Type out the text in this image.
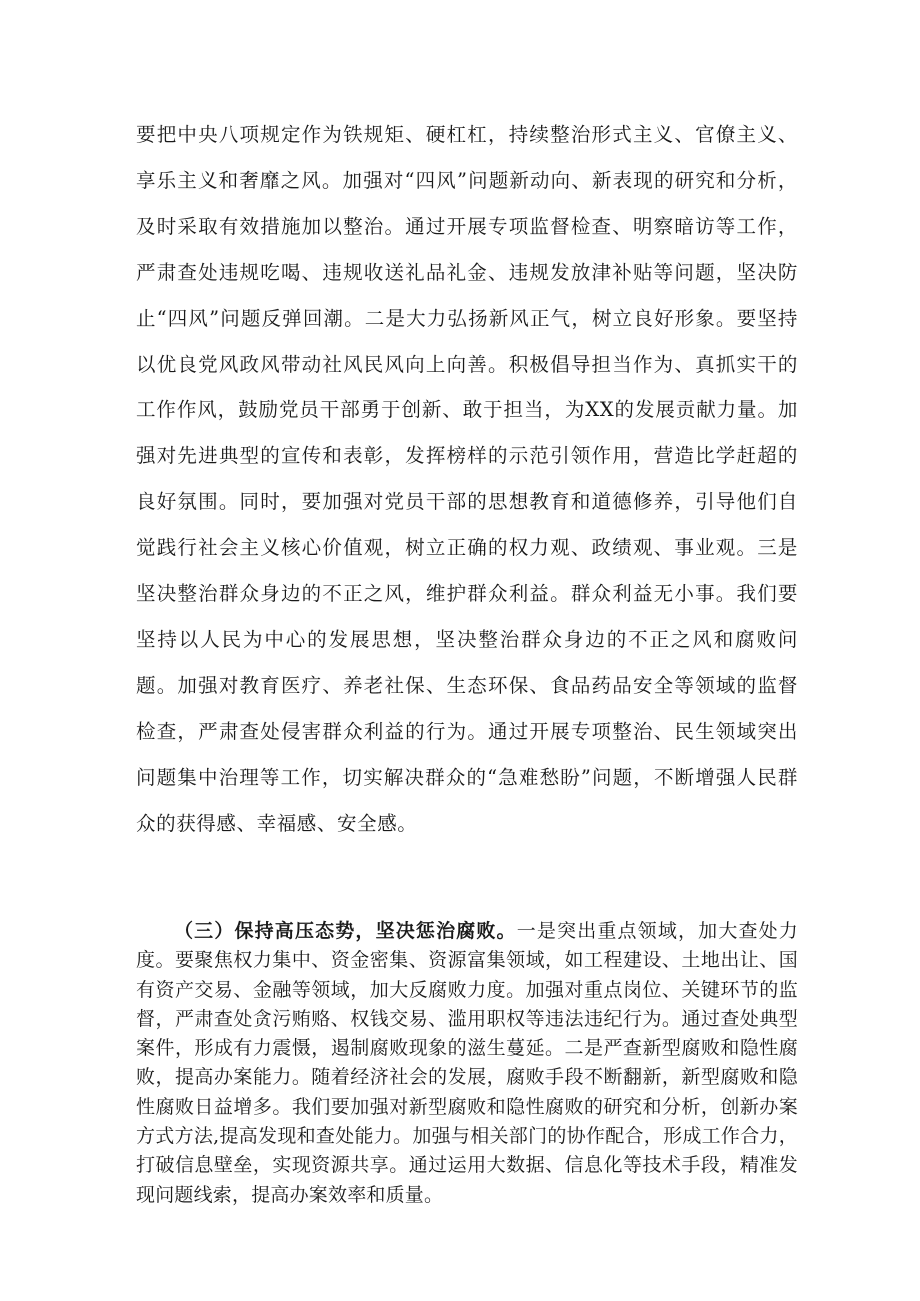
要把中央八项规定作为铁规矩、硬杠杠，持续整治形式主义、官僚主义、享乐主义和奢靡之风。加强对“四风”问题新动向、新表现的研究和分析，及时采取有效措施加以整治。通过开展专项监督检查、明察暗访等工作，严肃查处违规吃喝、违规收送礼品礼金、违规发放津补贴等问题，坚决防止“四风”问题反弹回潮。二是大力弘扬新风正气，树立良好形象。要坚持以优良党风政风带动社风民风向上向善。积极倡导担当作为、真抓实干的工作作风，鼓励党员干部勇于创新、敢于担当，为XX的发展贡献力量。加强对先进典型的宣传和表彰，发挥榜样的示范引领作用，营造比学赶超的良好氛围。同时，要加强对党员干部的思想教育和道德修养，引导他们自觉践行社会主义核心价值观，树立正确的权力观、政绩观、事业观。三是坚决整治群众身边的不正之风，维护群众利益。群众利益无小事。我们要坚持以人民为中心的发展思想，坚决整治群众身边的不正之风和腐败问题。加强对教育医疗、养老社保、生态环保、食品药品安全等领域的监督检查，严肃查处侵害群众利益的行为。通过开展专项整治、民生领域突出问题集中治理等工作，切实解决群众的“急难愁盼”问题，不断增强人民群众的获得感、幸福感、安全感。

（三）保持高压态势，坚决惩治腐败。一是突出重点领域，加大查处力度。要聚焦权力集中、资金密集、资源富集领域，如工程建设、土地出让、国有资产交易、金融等领域，加大反腐败力度。加强对重点岗位、关键环节的监督，严肃查处贪污贿赂、权钱交易、滥用职权等违法违纪行为。通过查处典型案件，形成有力震慑，遏制腐败现象的滋生蔓延。二是严查新型腐败和隐性腐败，提高办案能力。随着经济社会的发展，腐败手段不断翻新，新型腐败和隐性腐败日益增多。我们要加强对新型腐败和隐性腐败的研究和分析，创新办案方式方法,提高发现和查处能力。加强与相关部门的协作配合，形成工作合力，打破信息壁垒，实现资源共享。通过运用大数据、信息化等技术手段，精准发现问题线索，提高办案效率和质量。
